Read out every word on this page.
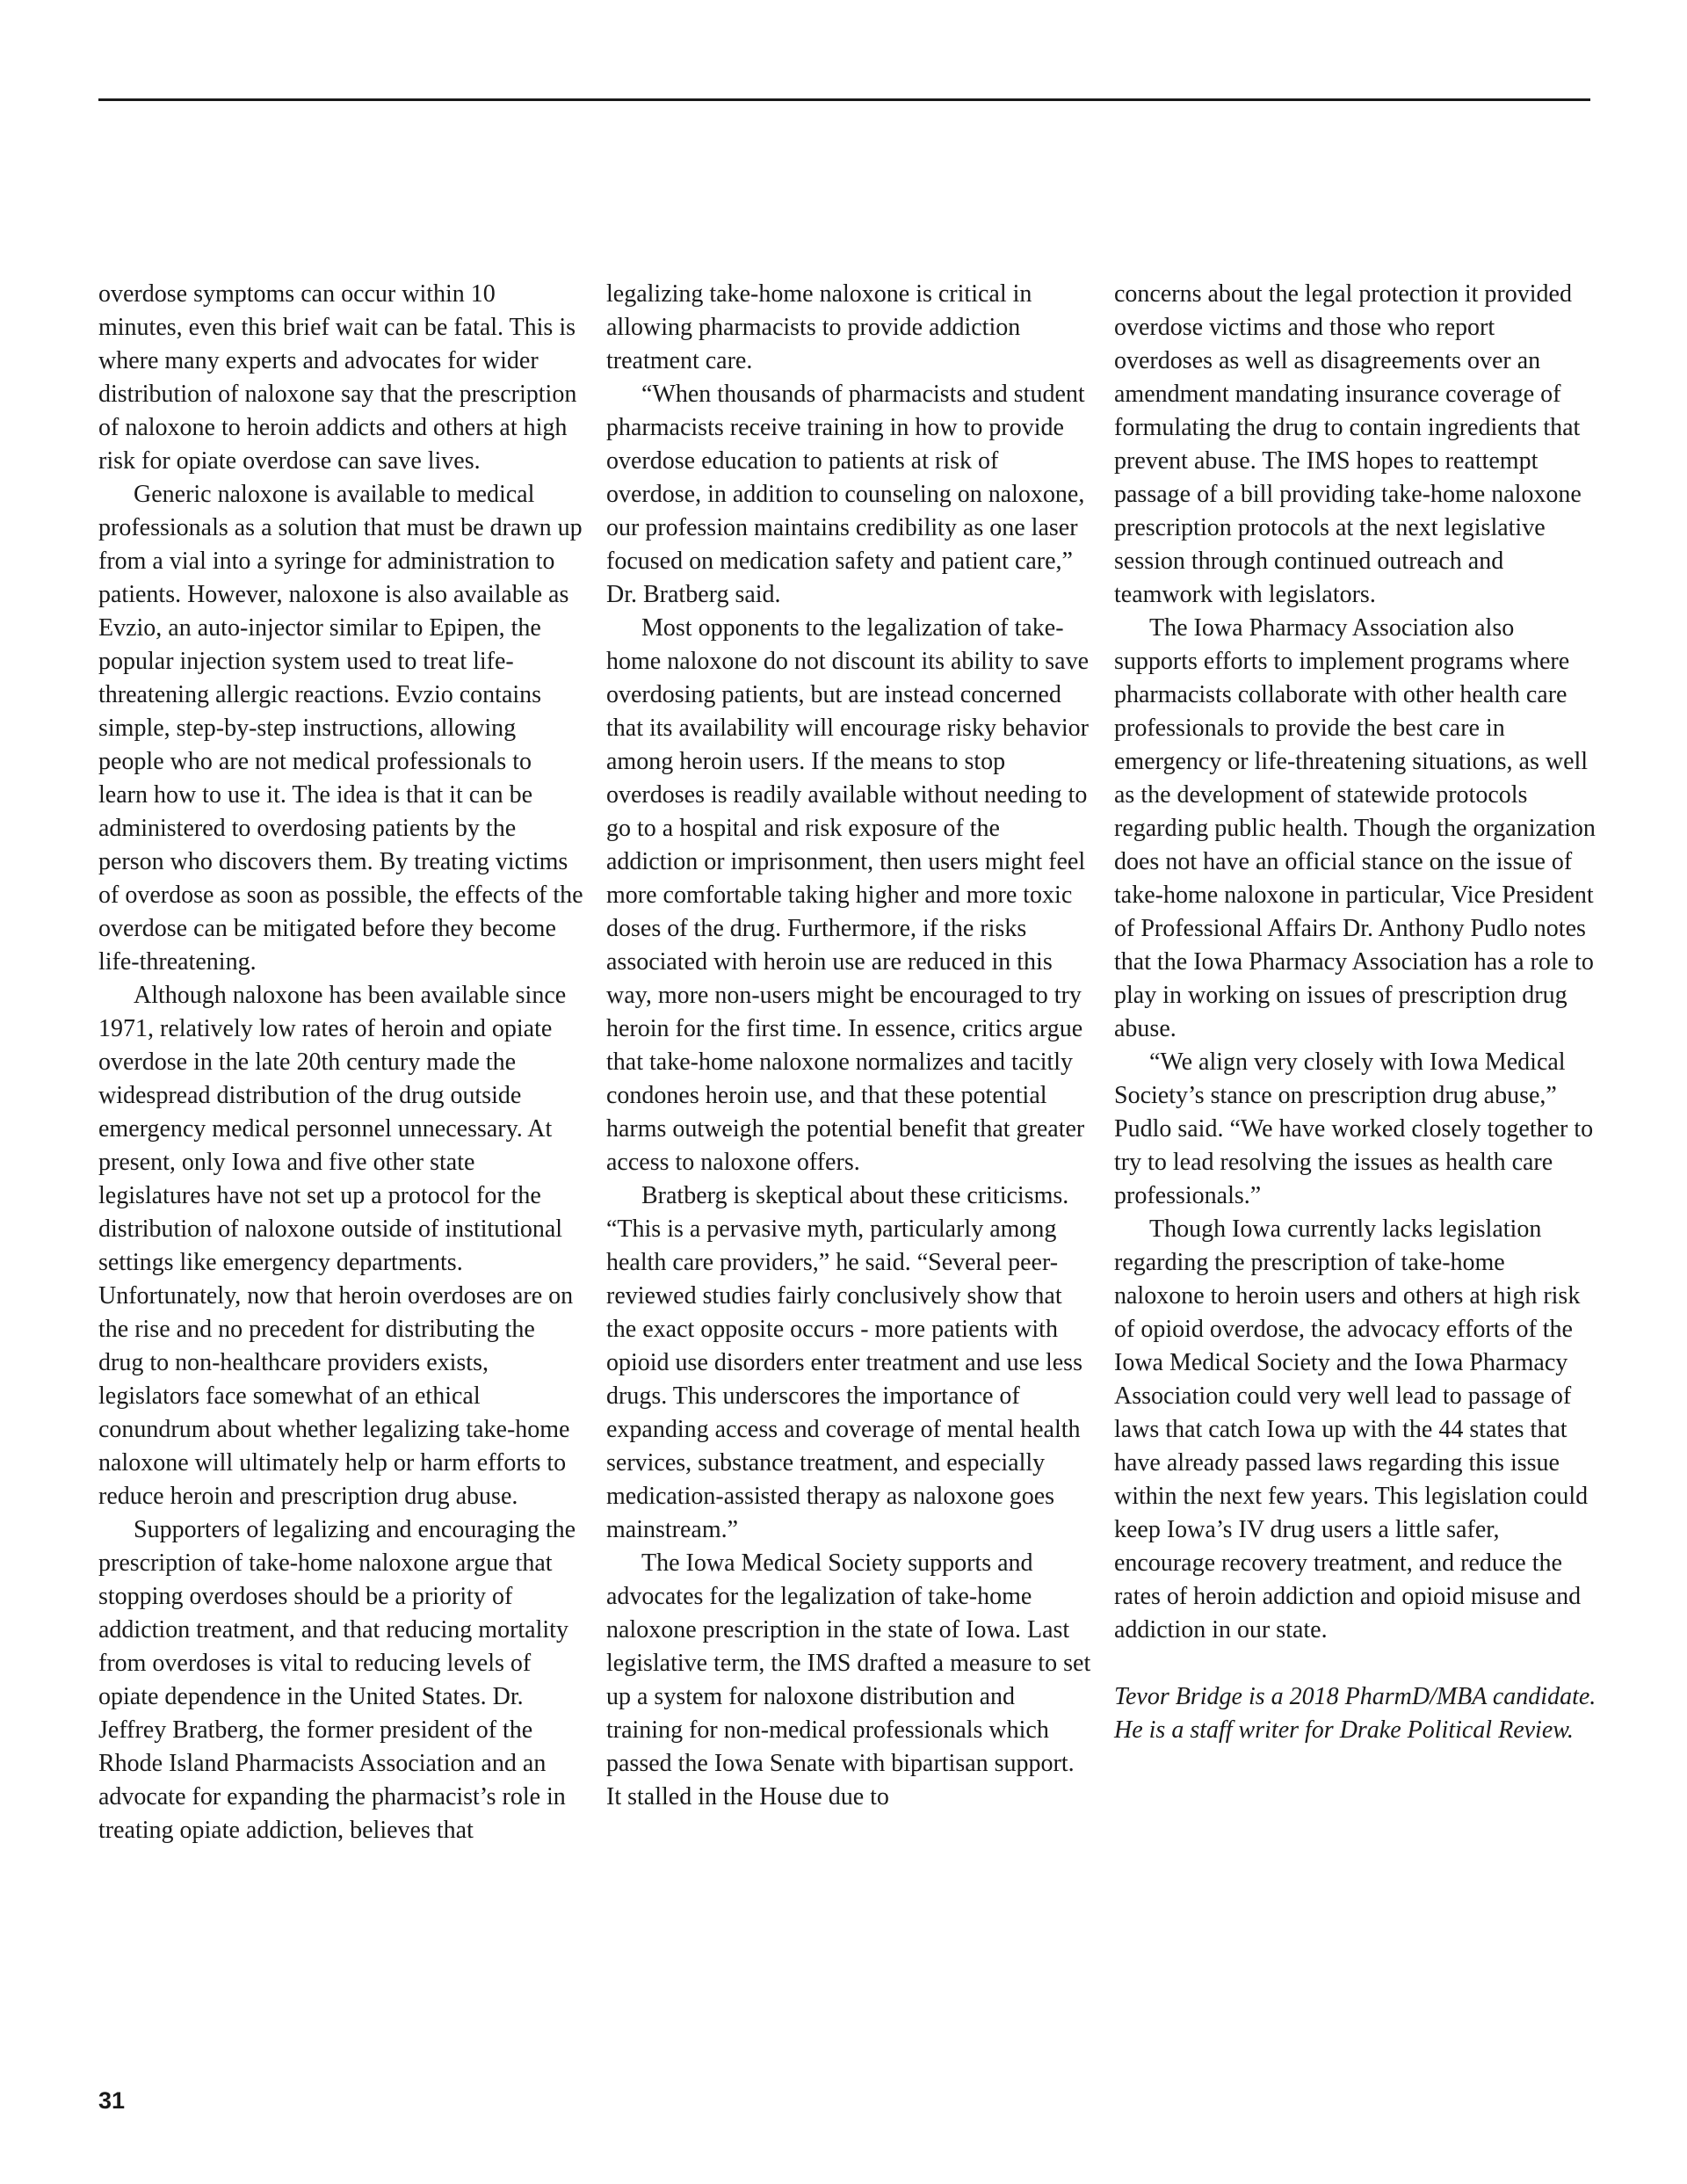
overdose symptoms can occur within 10 minutes, even this brief wait can be fatal. This is where many experts and advocates for wider distribution of naloxone say that the prescription of naloxone to heroin addicts and others at high risk for opiate overdose can save lives.

Generic naloxone is available to medical professionals as a solution that must be drawn up from a vial into a syringe for administration to patients. However, naloxone is also available as Evzio, an auto-injector similar to Epipen, the popular injection system used to treat life-threatening allergic reactions. Evzio contains simple, step-by-step instructions, allowing people who are not medical professionals to learn how to use it. The idea is that it can be administered to overdosing patients by the person who discovers them. By treating victims of overdose as soon as possible, the effects of the overdose can be mitigated before they become life-threatening.

Although naloxone has been available since 1971, relatively low rates of heroin and opiate overdose in the late 20th century made the widespread distribution of the drug outside emergency medical personnel unnecessary. At present, only Iowa and five other state legislatures have not set up a protocol for the distribution of naloxone outside of institutional settings like emergency departments. Unfortunately, now that heroin overdoses are on the rise and no precedent for distributing the drug to non-healthcare providers exists, legislators face somewhat of an ethical conundrum about whether legalizing take-home naloxone will ultimately help or harm efforts to reduce heroin and prescription drug abuse.

Supporters of legalizing and encouraging the prescription of take-home naloxone argue that stopping overdoses should be a priority of addiction treatment, and that reducing mortality from overdoses is vital to reducing levels of opiate dependence in the United States. Dr. Jeffrey Bratberg, the former president of the Rhode Island Pharmacists Association and an advocate for expanding the pharmacist’s role in treating opiate addiction, believes that

legalizing take-home naloxone is critical in allowing pharmacists to provide addiction treatment care.

“When thousands of pharmacists and student pharmacists receive training in how to provide overdose education to patients at risk of overdose, in addition to counseling on naloxone, our profession maintains credibility as one laser focused on medication safety and patient care,” Dr. Bratberg said.

Most opponents to the legalization of take-home naloxone do not discount its ability to save overdosing patients, but are instead concerned that its availability will encourage risky behavior among heroin users. If the means to stop overdoses is readily available without needing to go to a hospital and risk exposure of the addiction or imprisonment, then users might feel more comfortable taking higher and more toxic doses of the drug. Furthermore, if the risks associated with heroin use are reduced in this way, more non-users might be encouraged to try heroin for the first time. In essence, critics argue that take-home naloxone normalizes and tacitly condones heroin use, and that these potential harms outweigh the potential benefit that greater access to naloxone offers.

Bratberg is skeptical about these criticisms. “This is a pervasive myth, particularly among health care providers,” he said. “Several peer-reviewed studies fairly conclusively show that the exact opposite occurs - more patients with opioid use disorders enter treatment and use less drugs. This underscores the importance of expanding access and coverage of mental health services, substance treatment, and especially medication-assisted therapy as naloxone goes mainstream.”

The Iowa Medical Society supports and advocates for the legalization of take-home naloxone prescription in the state of Iowa. Last legislative term, the IMS drafted a measure to set up a system for naloxone distribution and training for non-medical professionals which passed the Iowa Senate with bipartisan support. It stalled in the House due to

concerns about the legal protection it provided overdose victims and those who report overdoses as well as disagreements over an amendment mandating insurance coverage of formulating the drug to contain ingredients that prevent abuse. The IMS hopes to reattempt passage of a bill providing take-home naloxone prescription protocols at the next legislative session through continued outreach and teamwork with legislators.

The Iowa Pharmacy Association also supports efforts to implement programs where pharmacists collaborate with other health care professionals to provide the best care in emergency or life-threatening situations, as well as the development of statewide protocols regarding public health. Though the organization does not have an official stance on the issue of take-home naloxone in particular, Vice President of Professional Affairs Dr. Anthony Pudlo notes that the Iowa Pharmacy Association has a role to play in working on issues of prescription drug abuse.

“We align very closely with Iowa Medical Society’s stance on prescription drug abuse,” Pudlo said. “We have worked closely together to try to lead resolving the issues as health care professionals.”

Though Iowa currently lacks legislation regarding the prescription of take-home naloxone to heroin users and others at high risk of opioid overdose, the advocacy efforts of the Iowa Medical Society and the Iowa Pharmacy Association could very well lead to passage of laws that catch Iowa up with the 44 states that have already passed laws regarding this issue within the next few years. This legislation could keep Iowa’s IV drug users a little safer, encourage recovery treatment, and reduce the rates of heroin addiction and opioid misuse and addiction in our state.

Tevor Bridge is a 2018 PharmD/MBA candidate. He is a staff writer for Drake Political Review.

31
